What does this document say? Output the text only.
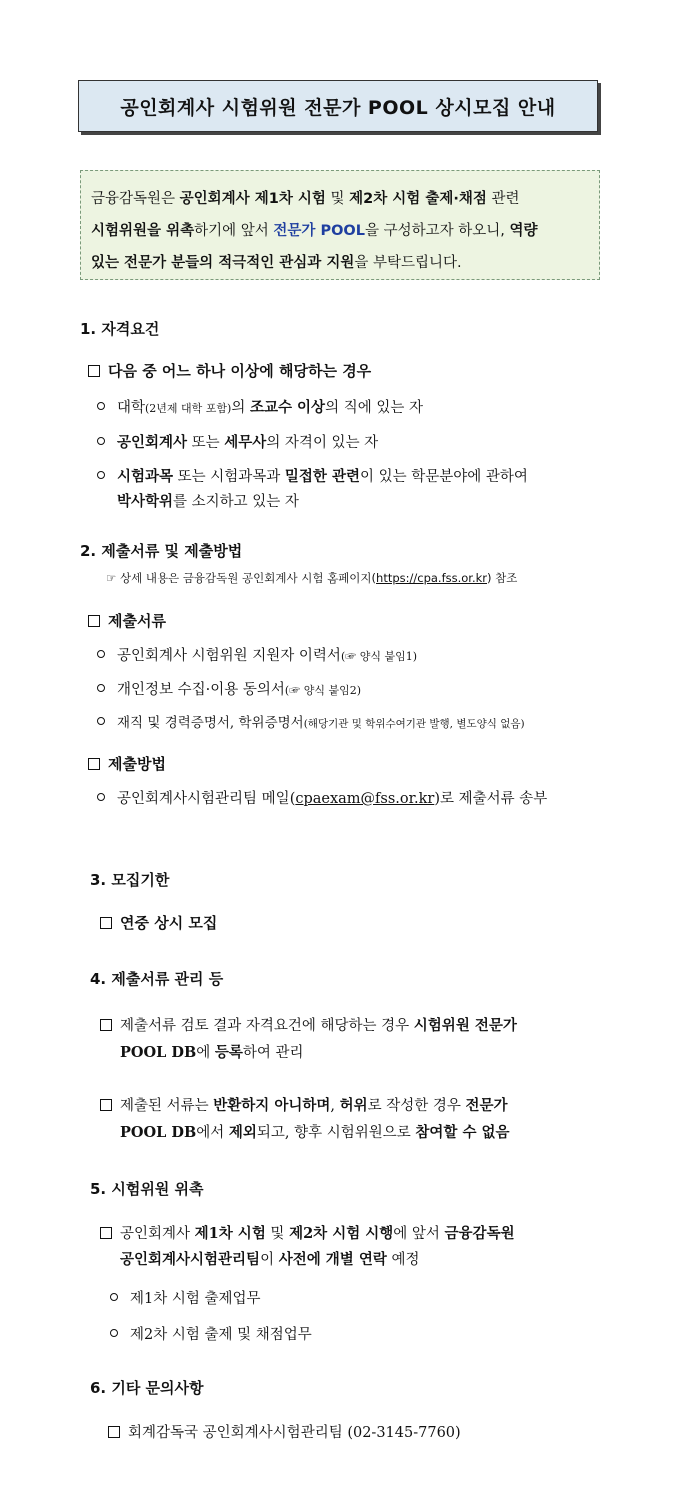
공인회계사 시험위원 전문가 POOL 상시모집 안내
금융감독원은 공인회계사 제1차 시험 및 제2차 시험 출제·채점 관련
시험위원을 위촉하기에 앞서 전문가 POOL을 구성하고자 하오니, 역량
있는 전문가 분들의 적극적인 관심과 지원을 부탁드립니다.
1. 자격요건
다음 중 어느 하나 이상에 해당하는 경우
대학(2년제 대학 포함)의 조교수 이상의 직에 있는 자
공인회계사 또는 세무사의 자격이 있는 자
시험과목 또는 시험과목과 밀접한 관련이 있는 학문분야에 관하여
박사학위를 소지하고 있는 자
2. 제출서류 및 제출방법
☞ 상세 내용은 금융감독원 공인회계사 시험 홈페이지(https://cpa.fss.or.kr) 참조
제출서류
공인회계사 시험위원 지원자 이력서(☞ 양식 붙임1)
개인정보 수집·이용 동의서(☞ 양식 붙임2)
재직 및 경력증명서, 학위증명서(해당기관 및 학위수여기관 발행, 별도양식 없음)
제출방법
공인회계사시험관리팀 메일(cpaexam@fss.or.kr)로 제출서류 송부
3. 모집기한
연중 상시 모집
4. 제출서류 관리 등
제출서류 검토 결과 자격요건에 해당하는 경우 시험위원 전문가
POOL DB에 등록하여 관리
제출된 서류는 반환하지 아니하며, 허위로 작성한 경우 전문가
POOL DB에서 제외되고, 향후 시험위원으로 참여할 수 없음
5. 시험위원 위촉
공인회계사 제1차 시험 및 제2차 시험 시행에 앞서 금융감독원
공인회계사시험관리팀이 사전에 개별 연락 예정
제1차 시험 출제업무
제2차 시험 출제 및 채점업무
6. 기타 문의사항
회계감독국 공인회계사시험관리팀 (02-3145-7760)
